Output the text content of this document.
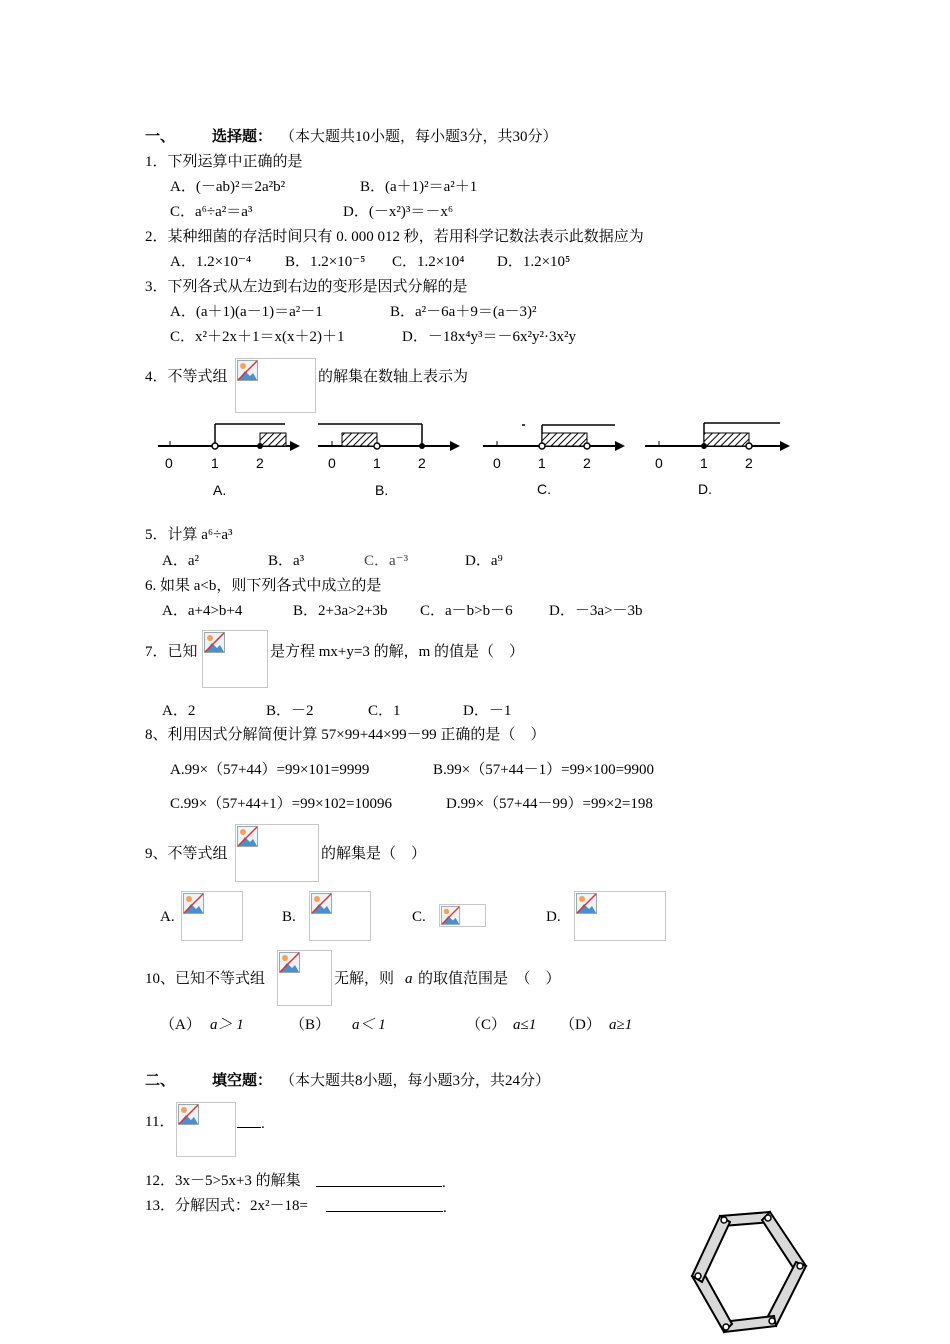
一、 选择题： （本大题共10小题，每小题3分，共30分）
1．下列运算中正确的是
A．(－ab)²＝2a²b²	B．(a＋1)²＝a²＋1
C．a⁶÷a²＝a³	D．(－x²)³＝－x⁶
2．某种细菌的存活时间只有 0. 000 012 秒，若用科学记数法表示此数据应为
A．1.2×10⁻⁴ B．1.2×10⁻⁵ C．1.2×10⁴ D．1.2×10⁵
3．下列各式从左边到右边的变形是因式分解的是
A．(a＋1)(a－1)＝a²－1	B．a²－6a＋9＝(a－3)²
C．x²＋2x＋1＝x(x＋2)＋1	D．－18x⁴y³＝－6x²y²·3x²y
4．不等式组	的解集在数轴上表示为
0	1	2
A.
0	1	2
B.
0	1	2
C.
0	1	2
D.
5．计算 a⁶÷a³
A．a²	B．a³	C．a⁻³	D．a⁹
6. 如果 a<b，则下列各式中成立的是
A．a+4>b+4	B．2+3a>2+3b C．a－b>b－6 D．－3a>－3b
7．已知	是方程 mx+y=3 的解，m 的值是（　）
A．2	B．－2	C．1	D．－1
8、利用因式分解简便计算 57×99+44×99－99 正确的是（　）
A.99×（57+44）=99×101=9999	B.99×（57+44－1）=99×100=9900
C.99×（57+44+1）=99×102=10096	D.99×（57+44－99）=99×2=198
9、不等式组	的解集是（　）
A.	B.	C.	D.
10、已知不等式组	无解，则 a 的取值范围是　（　）
（A） a＞ 1	（B） a＜ 1	（C） a≤1 （D） a≥1
二、 填空题： （本大题共8小题，每小题3分，共24分）
11．	.
12．3x－5>5x+3 的解集	.
13．分解因式：2x²－18=	.
